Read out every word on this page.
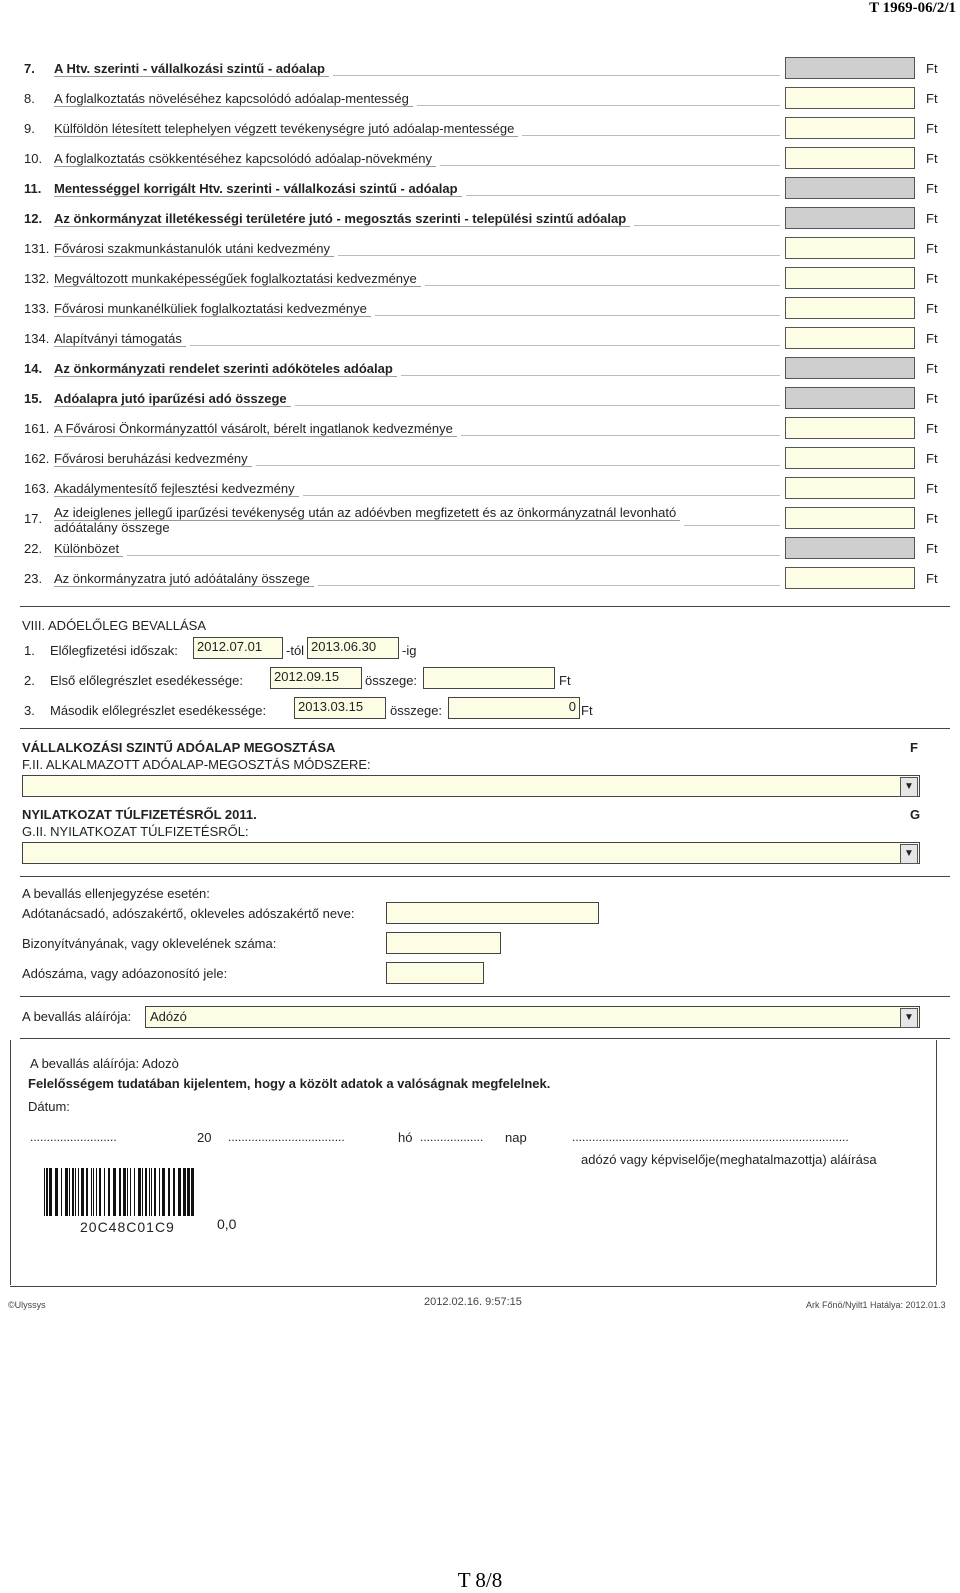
T 1969-06/2/1
7. A Htv. szerinti - vállalkozási szintű - adóalap	Ft
8. A foglalkoztatás növeléséhez kapcsolódó adóalap-mentesség	Ft
9. Külföldön létesített telephelyen végzett tevékenységre jutó adóalap-mentessége	Ft
10. A foglalkoztatás csökkentéséhez kapcsolódó adóalap-növekmény	Ft
11. Mentességgel korrigált Htv. szerinti - vállalkozási szintű - adóalap	Ft
12. Az önkormányzat illetékességi területére jutó - megosztás szerinti - települési szintű adóalap	Ft
131. Fővárosi szakmunkástanulók utáni kedvezmény	Ft
132. Megváltozott munkaképességűek foglalkoztatási kedvezménye	Ft
133. Fővárosi munkanélküliek foglalkoztatási kedvezménye	Ft
134. Alapítványi támogatás	Ft
14. Az önkormányzati rendelet szerinti adóköteles adóalap	Ft
15. Adóalapra jutó iparűzési adó összege	Ft
161. A Fővárosi Önkormányzattól vásárolt, bérelt ingatlanok kedvezménye	Ft
162. Fővárosi beruházási kedvezmény	Ft
163. Akadálymentesítő fejlesztési kedvezmény	Ft
17. Az ideiglenes jellegű iparűzési tevékenység után az adóévben megfizetett és az önkormányzatnál levonható
adóátalány összege
Ft
22. Különbözet	Ft
23. Az önkormányzatra jutó adóátalány összege	Ft
VIII. ADÓELŐLEG BEVALLÁSA
1. Előlegfizetési időszak:	2012.07.01	-tól 2013.06.30	-ig
2. Első előlegrészlet esedékessége:	2012.09.15	összege:	Ft
3. Második előlegrészlet esedékessége:	2013.03.15	összege:	0 Ft
VÁLLALKOZÁSI SZINTŰ ADÓALAP MEGOSZTÁSA	F
F.II. ALKALMAZOTT ADÓALAP-MEGOSZTÁS MÓDSZERE:
▼
NYILATKOZAT TÚLFIZETÉSRŐL 2011.	G
G.II. NYILATKOZAT TÚLFIZETÉSRŐL:
▼
A bevallás ellenjegyzése esetén:
Adótanácsadó, adószakértő, okleveles adószakértő neve:
Bizonyítványának, vagy oklevelének száma:
Adószáma, vagy adóazonosító jele:
A bevallás aláírója:	Adózó	▼
A bevallás aláírója: Adozò
Felelősségem tudatában kijelentem, hogy a közölt adatok a valóságnak megfelelnek.
Dátum:
..........................	20 ...................................	hó ................... nap	...................................................................................
adózó vagy képviselője(meghatalmazottja) aláírása
20C48C01C9	0,0
©Ulyssys	2012.02.16. 9:57:15	Ark Főnö/Nyilt1 Hatálya: 2012.01.3
T 8/8
